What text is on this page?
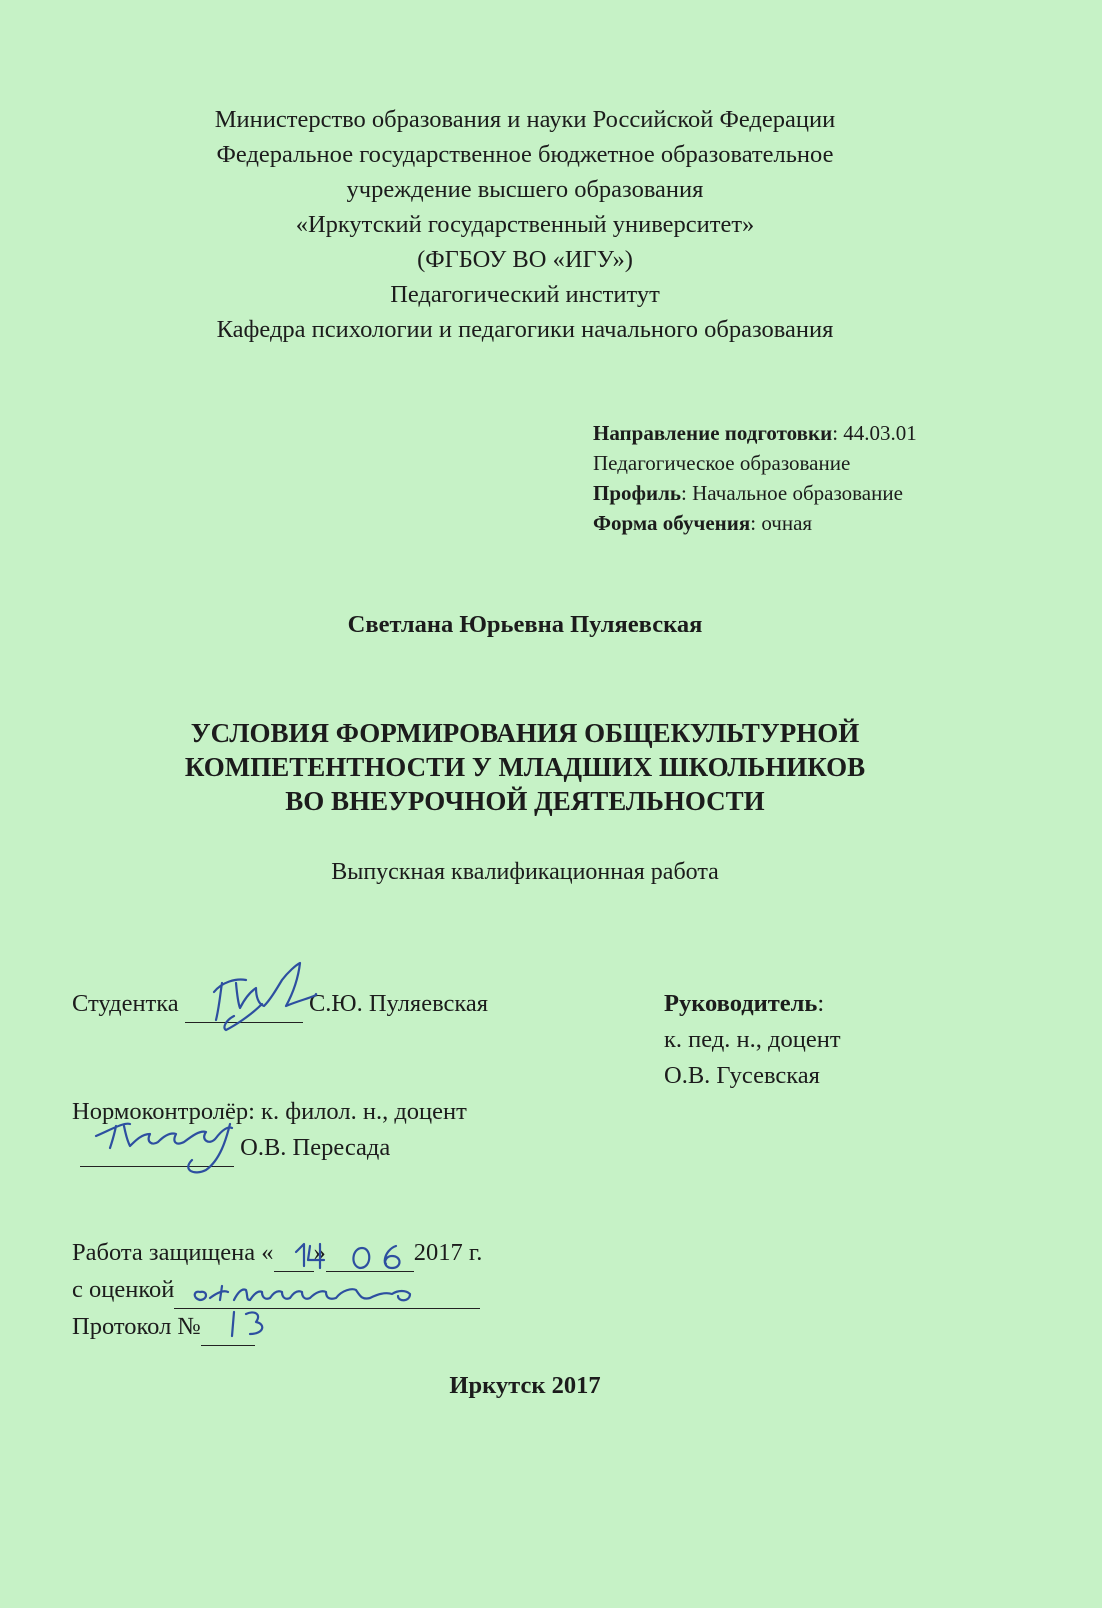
Министерство образования и науки Российской Федерации
Федеральное государственное бюджетное образовательное
учреждение высшего образования
«Иркутский государственный университет»
(ФГБОУ ВО «ИГУ»)
Педагогический институт
Кафедра психологии и педагогики начального образования
Направление подготовки: 44.03.01
Педагогическое образование
Профиль: Начальное образование
Форма обучения: очная
Светлана Юрьевна Пуляевская
УСЛОВИЯ ФОРМИРОВАНИЯ ОБЩЕКУЛЬТУРНОЙ
КОМПЕТЕНТНОСТИ У МЛАДШИХ ШКОЛЬНИКОВ
ВО ВНЕУРОЧНОЙ ДЕЯТЕЛЬНОСТИ
Выпускная квалификационная работа
Студентка	С.Ю. Пуляевская	Руководитель:
к. пед. н., доцент
О.В. Гусевская
Нормоконтролёр: к. филол. н., доцент
О.В. Пересада
Работа защищена « »	2017 г.
с оценкой
Протокол №
Иркутск 2017
